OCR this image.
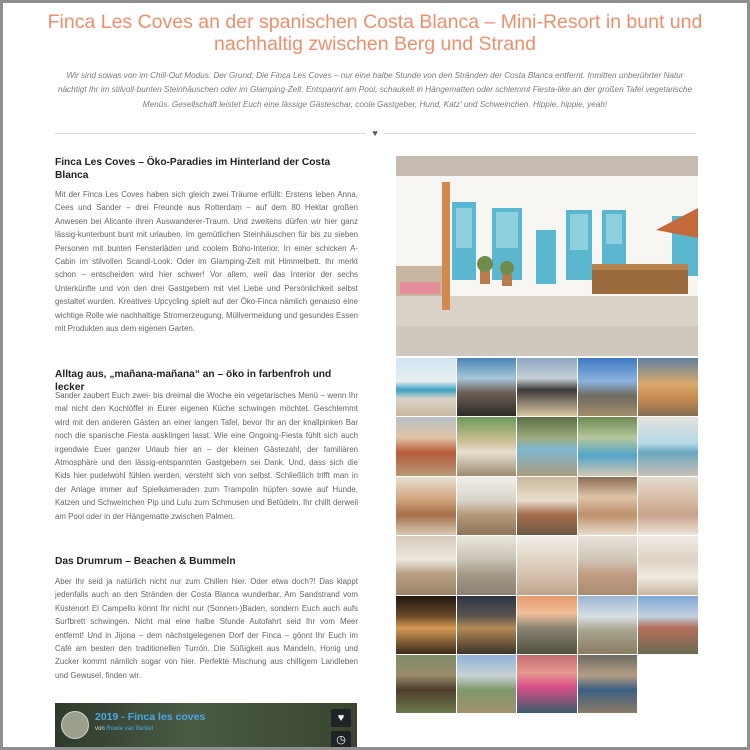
Finca Les Coves an der spanischen Costa Blanca – Mini-Resort in bunt und nachhaltig zwischen Berg und Strand

Wir sind sowas von im Chill-Out Modus. Der Grund: Die Finca Les Coves – nur eine halbe Stunde von den Stränden der Costa Blanca entfernt. Inmitten unberührter Natur nächtigt Ihr im stilvoll-bunten Steinhäuschen oder im Glamping-Zelt. Entspannt am Pool, schaukelt in Hängematten oder schlemmt Fiesta-like an der großen Tafel vegetarische Menüs. Gesellschaft leistet Euch eine lässige Gästeschar, coole Gastgeber, Hund, Katz' und Schweinchen. Hippie, hippie, yeah!

♥
Finca Les Coves – Öko-Paradies im Hinterland der Costa Blanca

Mit der Finca Les Coves haben sich gleich zwei Träume erfüllt: Erstens leben Anna, Cees und Sander – drei Freunde aus Rotterdam – auf dem 80 Hektar großen Anwesen bei Alicante ihren Auswanderer-Traum. Und zweitens dürfen wir hier ganz lässig-kunterbunt bunt mit urlauben. Im gemütlichen Steinhäuschen für bis zu sieben Personen mit bunten Fensterläden und coolem Boho-Interior. In einer schicken A-Cabin im stilvollen Scandi-Look. Oder im Glamping-Zelt mit Himmelbett. Ihr merkt schon – entscheiden wird hier schwer! Vor allem, weil das Interior der sechs Unterkünfte und von den drei Gastgebern mit viel Liebe und Persönlichkeit selbst gestaltet wurden. Kreatives Upcycling spielt auf der Öko-Finca nämlich genauso eine wichtige Rolle wie nachhaltige Stromerzeugung, Müllvermeidung und gesundes Essen mit Produkten aus dem eigenen Garten.

Alltag aus, „mañana-mañana“ an – öko in farbenfroh und lecker

Sander zaubert Euch zwei- bis dreimal die Woche ein vegetarisches Menü – wenn Ihr mal nicht den Kochlöffel in Eurer eigenen Küche schwingen möchtet. Geschlemmt wird mit den anderen Gästen an einer langen Tafel, bevor Ihr an der knallpinken Bar noch die spanische Fiesta ausklingen lasst. Wie eine Ongoing-Fiesta fühlt sich auch irgendwie Euer ganzer Urlaub hier an – der kleinen Gästezahl, der familiären Atmosphäre und den lässig-entspannten Gastgebern sei Dank. Und, dass sich die Kids hier pudelwohl fühlen werden, versteht sich von selbst. Schließlich trifft man in der Anlage immer auf Spielkameraden zum Trampolin hüpfen sowie auf Hunde, Katzen und Schweinchen Pip und Lulu zum Schmusen und Betüdeln. Ihr chillt derweil am Pool oder in der Hängematte zwischen Palmen.

Das Drumrum – Beachen & Bummeln

Aber Ihr seid ja natürlich nicht nur zum Chillen hier. Oder etwa doch?! Das klappt jedenfalls auch an den Stränden der Costa Blanca wunderbar. Am Sandstrand vom Küstenort El Campello könnt Ihr nicht nur (Sonnen-)Baden, sondern Euch auch aufs Surfbrett schwingen. Nicht mal eine halbe Stunde Autofahrt seid Ihr vom Meer entfernt! Und in Jijona – dem nächstgelegenen Dorf der Finca – gönnt Ihr Euch im Café am besten den traditionellen Turrón. Die Süßigkeit aus Mandeln, Honig und Zucker kommt nämlich sogar von hier. Perfekte Mischung aus chilligem Landleben und Gewusel, finden wir.

2019 - Finca les coves
von Rowie van Berkel
♥
◷
